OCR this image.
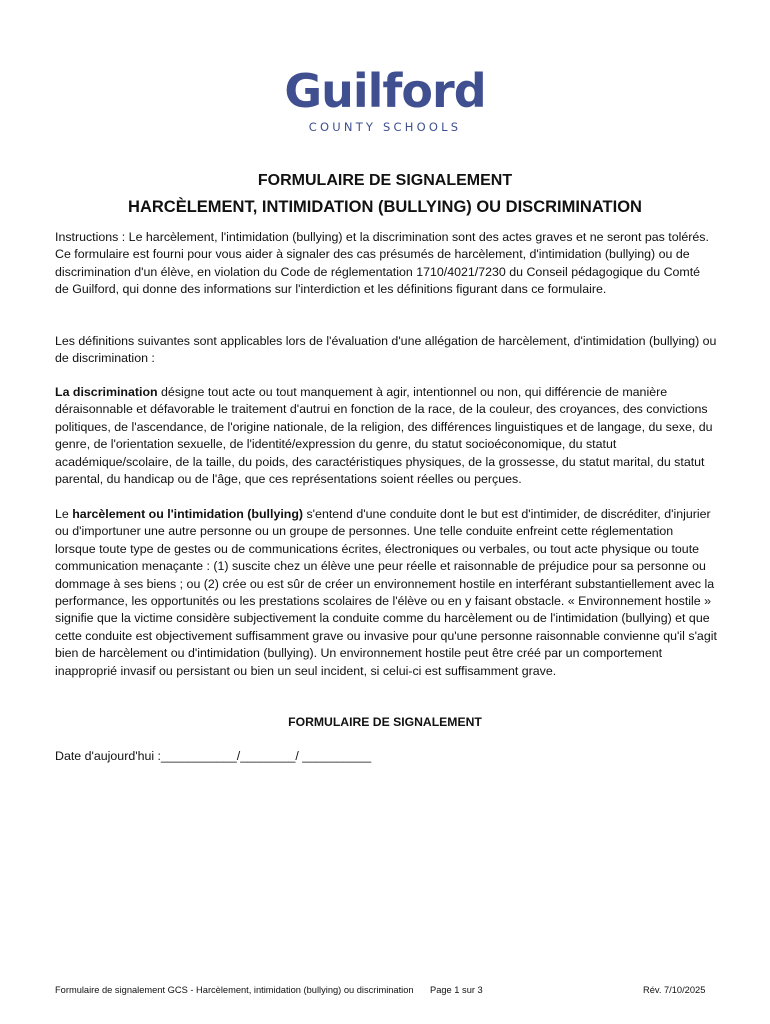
Guilford
COUNTY SCHOOLS
FORMULAIRE DE SIGNALEMENT
HARCÈLEMENT, INTIMIDATION (BULLYING) OU DISCRIMINATION

Instructions : Le harcèlement, l'intimidation (bullying) et la discrimination sont des actes graves et ne seront pas tolérés. Ce formulaire est fourni pour vous aider à signaler des cas présumés de harcèlement, d'intimidation (bullying) ou de discrimination d'un élève, en violation du Code de réglementation 1710/4021/7230 du Conseil pédagogique du Comté de Guilford, qui donne des informations sur l'interdiction et les définitions figurant dans ce formulaire.

Les définitions suivantes sont applicables lors de l'évaluation d'une allégation de harcèlement, d'intimidation (bullying) ou de discrimination :

La discrimination désigne tout acte ou tout manquement à agir, intentionnel ou non, qui différencie de manière déraisonnable et défavorable le traitement d'autrui en fonction de la race, de la couleur, des croyances, des convictions politiques, de l'ascendance, de l'origine nationale, de la religion, des différences linguistiques et de langage, du sexe, du genre, de l'orientation sexuelle, de l'identité/expression du genre, du statut socioéconomique, du statut académique/scolaire, de la taille, du poids, des caractéristiques physiques, de la grossesse, du statut marital, du statut parental, du handicap ou de l'âge, que ces représentations soient réelles ou perçues.

Le harcèlement ou l'intimidation (bullying) s'entend d'une conduite dont le but est d'intimider, de discréditer, d'injurier ou d'importuner une autre personne ou un groupe de personnes. Une telle conduite enfreint cette réglementation lorsque toute type de gestes ou de communications écrites, électroniques ou verbales, ou tout acte physique ou toute communication menaçante : (1) suscite chez un élève une peur réelle et raisonnable de préjudice pour sa personne ou dommage à ses biens ; ou (2) crée ou est sûr de créer un environnement hostile en interférant substantiellement avec la performance, les opportunités ou les prestations scolaires de l'élève ou en y faisant obstacle. « Environnement hostile » signifie que la victime considère subjectivement la conduite comme du harcèlement ou de l'intimidation (bullying) et que cette conduite est objectivement suffisamment grave ou invasive pour qu'une personne raisonnable convienne qu'il s'agit bien de harcèlement ou d'intimidation (bullying). Un environnement hostile peut être créé par un comportement inapproprié invasif ou persistant ou bien un seul incident, si celui-ci est suffisamment grave.

FORMULAIRE DE SIGNALEMENT
Date d'aujourd'hui :___________/________/ __________
Formulaire de signalement GCS - Harcèlement, intimidation (bullying) ou discrimination Page 1 sur 3	Rév. 7/10/2025
